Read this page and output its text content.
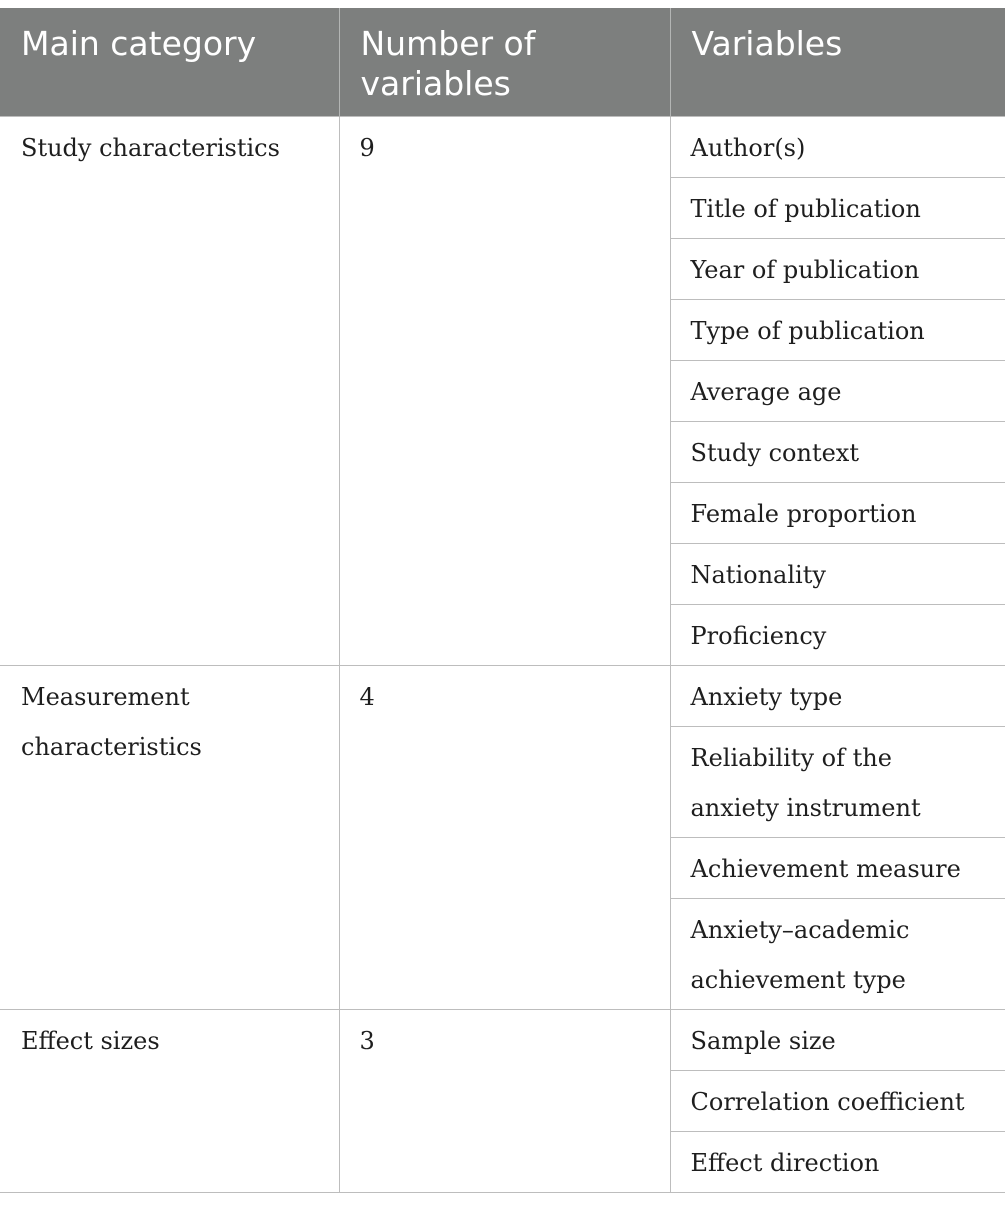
Main category	Number of variables	Variables
Study characteristics	9	Author(s)
		Title of publication
		Year of publication
		Type of publication
		Average age
		Study context
		Female proportion
		Nationality
		Proficiency
Measurement characteristics	4	Anxiety type
		Reliability of the anxiety instrument
		Achievement measure
		Anxiety–academic achievement type
Effect sizes	3	Sample size
		Correlation coefficient
		Effect direction
